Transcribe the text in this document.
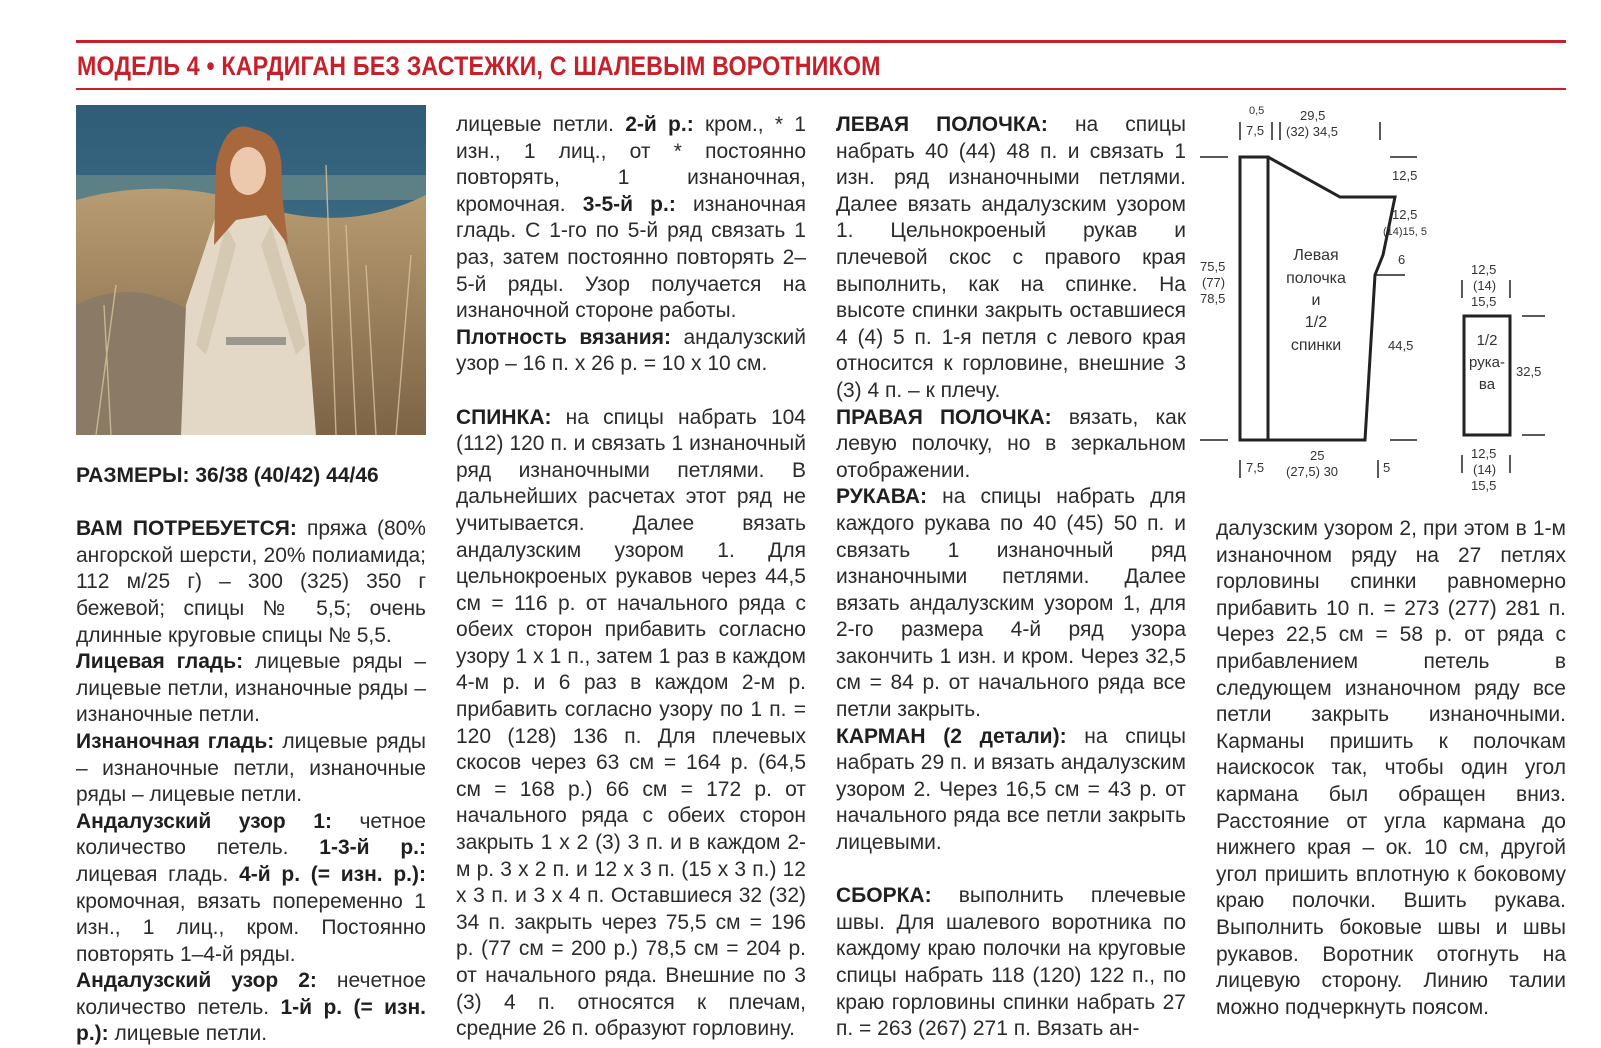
МОДЕЛЬ 4 • КАРДИГАН БЕЗ ЗАСТЕЖКИ, С ШАЛЕВЫМ ВОРОТНИКОМ

РАЗМЕРЫ: 36/38 (40/42) 44/46

ВАМ ПОТРЕБУЕТСЯ: пряжа (80% ангорской шерсти, 20% полиамида; 112 м/25 г) – 300 (325) 350 г бежевой; спицы № 5,5; очень длинные круговые спицы № 5,5.

Лицевая гладь: лицевые ряды – лицевые петли, изнаночные ряды – изнаночные петли.

Изнаночная гладь: лицевые ряды – изнаночные петли, изнаночные ряды – лицевые петли.

Андалузский узор 1: четное количество петель. 1-3-й р.: лицевая гладь. 4-й р. (= изн. р.): кромочная, вязать попеременно 1 изн., 1 лиц., кром. Постоянно повторять 1–4-й ряды.

Андалузский узор 2: нечетное количество петель. 1-й р. (= изн. р.): лицевые петли.

лицевые петли. 2-й р.: кром., * 1 изн., 1 лиц., от * постоянно повторять, 1 изнаночная, кромочная. 3-5-й р.: изнаночная гладь. С 1-го по 5-й ряд связать 1 раз, затем постоянно повторять 2–5-й ряды. Узор получается на изнаночной стороне работы.

Плотность вязания: андалузский узор – 16 п. x 26 р. = 10 x 10 см.

СПИНКА: на спицы набрать 104 (112) 120 п. и связать 1 изнаночный ряд изнаночными петлями. В дальнейших расчетах этот ряд не учитывается. Далее вязать андалузским узором 1. Для цельнокроеных рукавов через 44,5 см = 116 р. от начального ряда с обеих сторон прибавить согласно узору 1 x 1 п., затем 1 раз в каждом 4-м р. и 6 раз в каждом 2-м р. прибавить согласно узору по 1 п. = 120 (128) 136 п. Для плечевых скосов через 63 см = 164 р. (64,5 см = 168 р.) 66 см = 172 р. от начального ряда с обеих сторон закрыть 1 x 2 (3) 3 п. и в каждом 2-м р. 3 x 2 п. и 12 x 3 п. (15 x 3 п.) 12 x 3 п. и 3 x 4 п. Оставшиеся 32 (32) 34 п. закрыть через 75,5 см = 196 р. (77 см = 200 р.) 78,5 см = 204 р. от начального ряда. Внешние по 3 (3) 4 п. относятся к плечам, средние 26 п. образуют горловину.

ЛЕВАЯ ПОЛОЧКА: на спицы набрать 40 (44) 48 п. и связать 1 изн. ряд изнаночными петлями. Далее вязать андалузским узором 1. Цельнокроеный рукав и плечевой скос с правого края выполнить, как на спинке. На высоте спинки закрыть оставшиеся 4 (4) 5 п. 1-я петля с левого края относится к горловине, внешние 3 (3) 4 п. – к плечу.

ПРАВАЯ ПОЛОЧКА: вязать, как левую полочку, но в зеркальном отображении.

РУКАВА: на спицы набрать для каждого рукава по 40 (45) 50 п. и связать 1 изнаночный ряд изнаночными петлями. Далее вязать андалузским узором 1, для 2-го размера 4-й ряд узора закончить 1 изн. и кром. Через 32,5 см = 84 р. от начального ряда все петли закрыть.

КАРМАН (2 детали): на спицы набрать 29 п. и вязать андалузским узором 2. Через 16,5 см = 43 р. от начального ряда все петли закрыть лицевыми.

СБОРКА: выполнить плечевые швы. Для шалевого воротника по каждому краю полочки на круговые спицы набрать 118 (120) 122 п., по краю горловины спинки набрать 27 п. = 263 (267) 271 п. Вязать ан-

далузским узором 2, при этом в 1-м изнаночном ряду на 27 петлях горловины спинки равномерно прибавить 10 п. = 273 (277) 281 п. Через 22,5 см = 58 р. от ряда с прибавлением петель в следующем изнаночном ряду все петли закрыть изнаночными. Карманы пришить к полочкам наискосок так, чтобы один угол кармана был обращен вниз. Расстояние от угла кармана до нижнего края – ок. 10 см, другой угол пришить вплотную к боковому краю полочки. Вшить рукава. Выполнить боковые швы и швы рукавов. Воротник отогнуть на лицевую сторону. Линию талии можно подчеркнуть поясом.

0,5	29,5
(32) 34,5
7,5
12,5
12,5
(14)15, 5
6
75,5
(77)
78,5
44,5
Левая
полочка
и
1/2
спинки
7,5
25
(27,5) 30	5
12,5
(14)
15,5
1/2
рука-
ва
32,5
12,5
(14)
15,5
